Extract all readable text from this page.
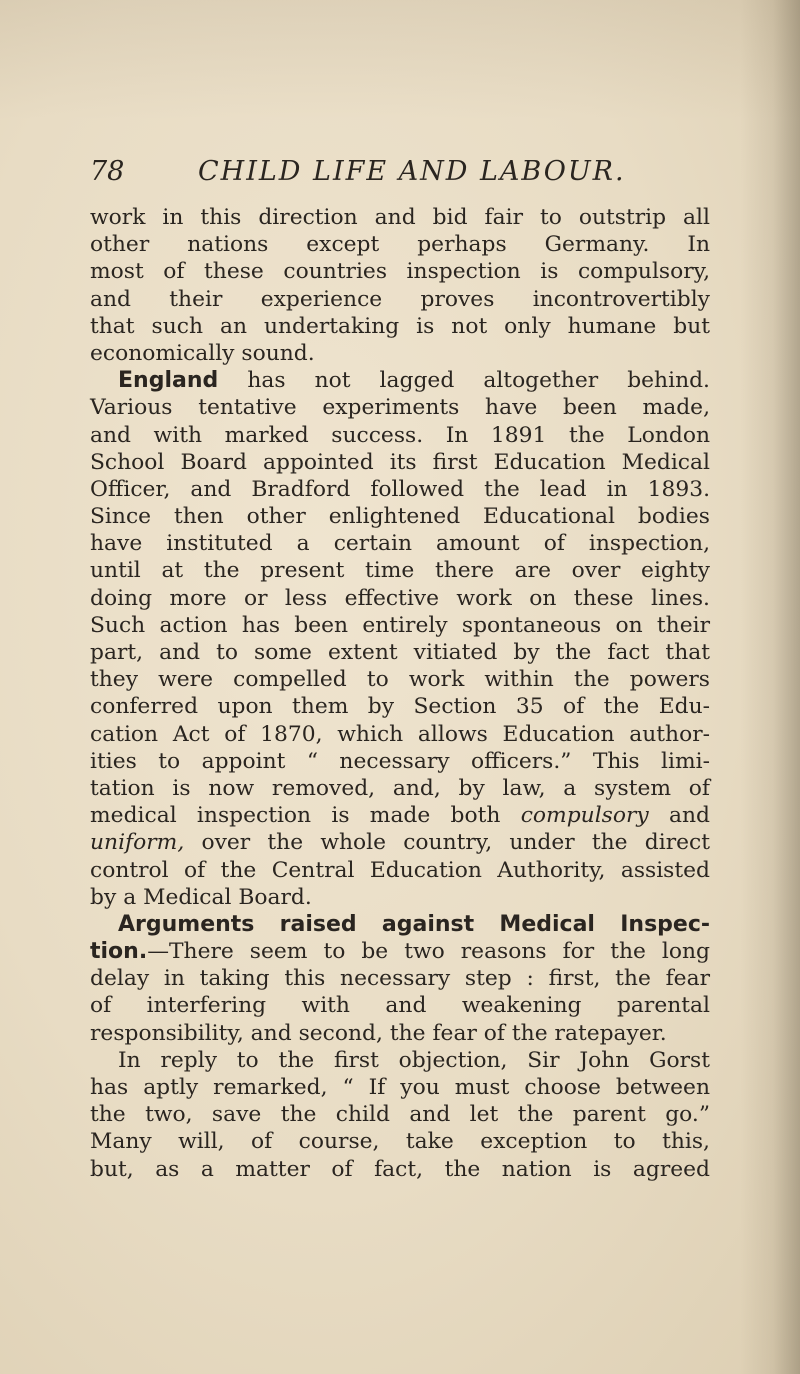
78	CHILD LIFE AND LABOUR.
work in this direction and bid fair to outstrip all
other nations except perhaps Germany. In
most of these countries inspection is compulsory,
and their experience proves incontrovertibly
that such an undertaking is not only humane but
economically sound.
England has not lagged altogether behind.
Various tentative experiments have been made,
and with marked success. In 1891 the London
School Board appointed its first Education Medical
Officer, and Bradford followed the lead in 1893.
Since then other enlightened Educational bodies
have instituted a certain amount of inspection,
until at the present time there are over eighty
doing more or less effective work on these lines.
Such action has been entirely spontaneous on their
part, and to some extent vitiated by the fact that
they were compelled to work within the powers
conferred upon them by Section 35 of the Edu-
cation Act of 1870, which allows Education author-
ities to appoint “ necessary officers.” This limi-
tation is now removed, and, by law, a system of
medical inspection is made both compulsory and
uniform, over the whole country, under the direct
control of the Central Education Authority, assisted
by a Medical Board.
Arguments raised against Medical Inspec-
tion.—There seem to be two reasons for the long
delay in taking this necessary step : first, the fear
of interfering with and weakening parental
responsibility, and second, the fear of the ratepayer.
In reply to the first objection, Sir John Gorst
has aptly remarked, “ If you must choose between
the two, save the child and let the parent go.”
Many will, of course, take exception to this,
but, as a matter of fact, the nation is agreed
